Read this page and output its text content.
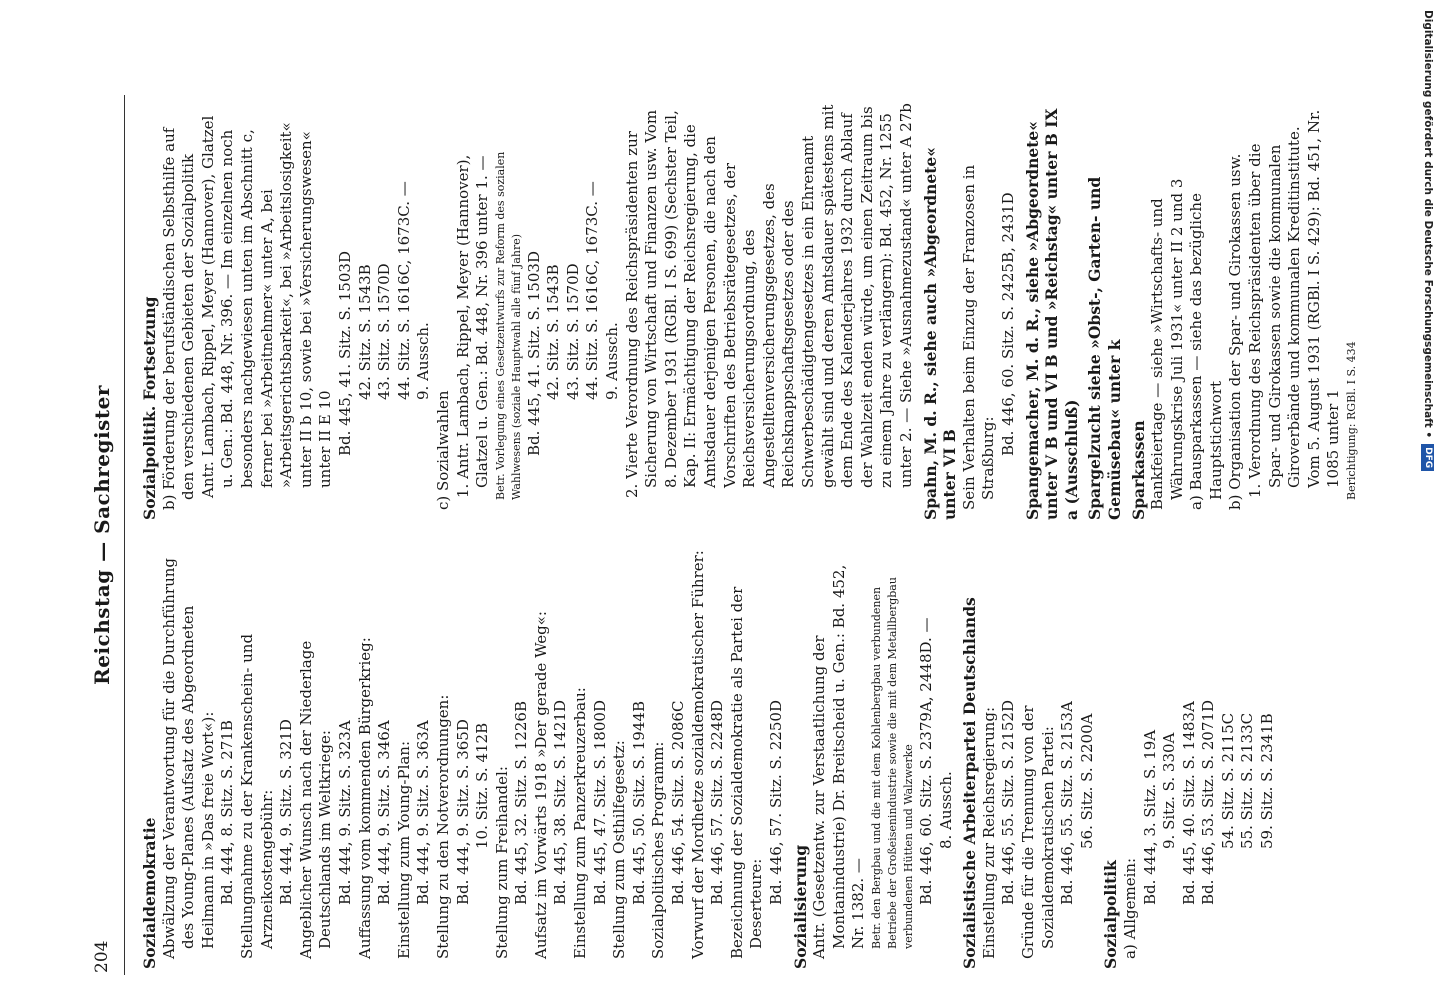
Digitalisierung gefördert durch die Deutsche Forschungsgemeinschaft •
DFG
204
Reichstag — Sachregister

Sozialdemokratie Abwälzung der Verantwortung für die Durchführung des Young-Planes (Aufsatz des Abgeordneten Heilmann in »Das freie Wort«): Bd. 444, 8. Sitz. S. 271B Stellungnahme zu der Krankenschein- und Arzneikostengebühr: Bd. 444, 9. Sitz. S. 321D Angeblicher Wunsch nach der Niederlage Deutschlands im Weltkriege: Bd. 444, 9. Sitz. S. 323A Auffassung vom kommenden Bürgerkrieg: Bd. 444, 9. Sitz. S. 346A Einstellung zum Young-Plan: Bd. 444, 9. Sitz. S. 363A Stellung zu den Notverordnungen: Bd. 444, 9. Sitz. S. 365D 10. Sitz. S. 412B Stellung zum Freihandel: Bd. 445, 32. Sitz. S. 1226B Aufsatz im Vorwärts 1918 »Der gerade Weg«: Bd. 445, 38. Sitz. S. 1421D Einstellung zum Panzerkreuzerbau: Bd. 445, 47. Sitz. S. 1800D Stellung zum Osthilfegesetz: Bd. 445, 50. Sitz. S. 1944B Sozialpolitisches Programm: Bd. 446, 54. Sitz. S. 2086C Vorwurf der Mordhetze sozialdemokratischer Führer: Bd. 446, 57. Sitz. S. 2248D Bezeichnung der Sozialdemokratie als Partei der Deserteure: Bd. 446, 57. Sitz. S. 2250D

Sozialisierung Antr. (Gesetzentw. zur Verstaatlichung der Montanindustrie) Dr. Breitscheid u. Gen.: Bd. 452, Nr. 1382. — Betr. den Bergbau und die mit dem Kohlenbergbau verbundenen Betriebe der Großeisenindustrie sowie die mit dem Metallbergbau verbundenen Hütten und Walzwerke Bd. 446, 60. Sitz. S. 2379A, 2448D. — 8. Aussch. Sozialistische Arbeiterpartei Deutschlands Einstellung zur Reichsregierung: Bd. 446, 55. Sitz. S. 2152D Gründe für die Trennung von der Sozialdemokratischen Partei: Bd. 446, 55. Sitz. S. 2153A 56. Sitz. S. 2200A

Sozialpolitik a) Allgemein:

Bd. 444, 3. Sitz. S. 19A 9. Sitz. S. 330A Bd. 445, 40. Sitz. S. 1483A Bd. 446, 53. Sitz. S. 2071D 54. Sitz. S. 2115C 55. Sitz. S. 2133C 59. Sitz. S. 2341B

Sozialpolitik. Fortsetzung b) Förderung der berufständischen Selbsthilfe auf den verschiedenen Gebieten der Sozialpolitik Antr. Lambach, Rippel, Meyer (Hannover), Glatzel u. Gen.: Bd. 448, Nr. 396. — Im einzelnen noch besonders nachgewiesen unten im Abschnitt c, ferner bei »Arbeitnehmer« unter A, bei »Arbeitsgerichtsbarkeit«, bei »Arbeitslosigkeit« unter II b 10, sowie bei »Versicherungswesen« unter II E 10 Bd. 445, 41. Sitz. S. 1503D 42. Sitz. S. 1543B 43. Sitz. S. 1570D 44. Sitz. S. 1616C, 1673C. — 9. Aussch.

c) Sozialwahlen 1. Antr. Lambach, Rippel, Meyer (Hannover), Glatzel u. Gen.: Bd. 448, Nr. 396 unter 1. — Betr. Vorlegung eines Gesetzentwurfs zur Reform des sozialen Wahlwesens (soziale Hauptwahl alle fünf Jahre) Bd. 445, 41. Sitz. S. 1503D 42. Sitz. S. 1543B 43. Sitz. S. 1570D 44. Sitz. S. 1616C, 1673C. — 9. Aussch. 2. Vierte Verordnung des Reichspräsidenten zur Sicherung von Wirtschaft und Finanzen usw. Vom 8. Dezember 1931 (RGBl. I S. 699) (Sechster Teil, Kap. II: Ermächtigung der Reichsregierung, die Amtsdauer derjenigen Personen, die nach den Vorschriften des Betriebsrätegesetzes, der Reichsversicherungsordnung, des Angestelltenversicherungsgesetzes, des Reichsknappschaftsgesetzes oder des Schwerbeschädigtengesetzes in ein Ehrenamt gewählt sind und deren Amtsdauer spätestens mit dem Ende des Kalenderjahres 1932 durch Ablauf der Wahlzeit enden würde, um einen Zeitraum bis zu einem Jahre zu verlängern): Bd. 452, Nr. 1255 unter 2. — Siehe »Ausnahmezustand« unter A 27b Spahn, M. d. R., siehe auch »Abgeordnete« unter VI B Sein Verhalten beim Einzug der Franzosen in Straßburg:

Bd. 446, 60. Sitz. S. 2425B, 2431D Spangemacher, M. d. R., siehe »Abgeordnete« unter V B und VI B und »Reichstag« unter B IX a (Ausschluß) Spargelzucht siehe »Obst-, Garten- und Gemüsebau« unter k Sparkassen Bankfeiertage — siehe »Wirtschafts- und Währungskrise Juli 1931« unter II 2 und 3 a) Bausparkassen — siehe das bezügliche Hauptstichwort b) Organisation der Spar- und Girokassen usw. 1. Verordnung des Reichspräsidenten über die Spar- und Girokassen sowie die kommunalen Giroverbände und kommunalen Kreditinstitute. Vom 5. August 1931 (RGBl. I S. 429): Bd. 451, Nr. 1085 unter 1 Berichtigung: RGBl. I S. 434
